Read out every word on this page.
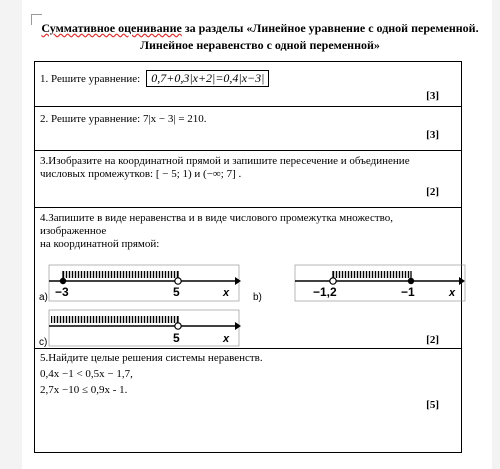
Суммативное оценивание за разделы «Линейное уравнение с одной переменной.
Линейное неравенство с одной переменной»
1. Решите уравнение: 0,7+0,3|x+2|=0,4|x−3|
[3]
2. Решите уравнение: 7|x − 3| = 210.
[3]
3.Изобразите на координатной прямой и запишите пересечение и объединение
числовых промежутков: [ − 5; 1) и (−∞; 7] .
[2]
4.Запишите в виде неравенства и в виде числового промежутка множество,
изображенное
на координатной прямой:
а) −3	5	x b)	−1,2	−1	x
c)	5	x	[2]
5.Найдите целые решения системы неравенств.
0,4x −1 < 0,5x − 1,7,
2,7x −10 ≤ 0,9x - 1.
[5]
